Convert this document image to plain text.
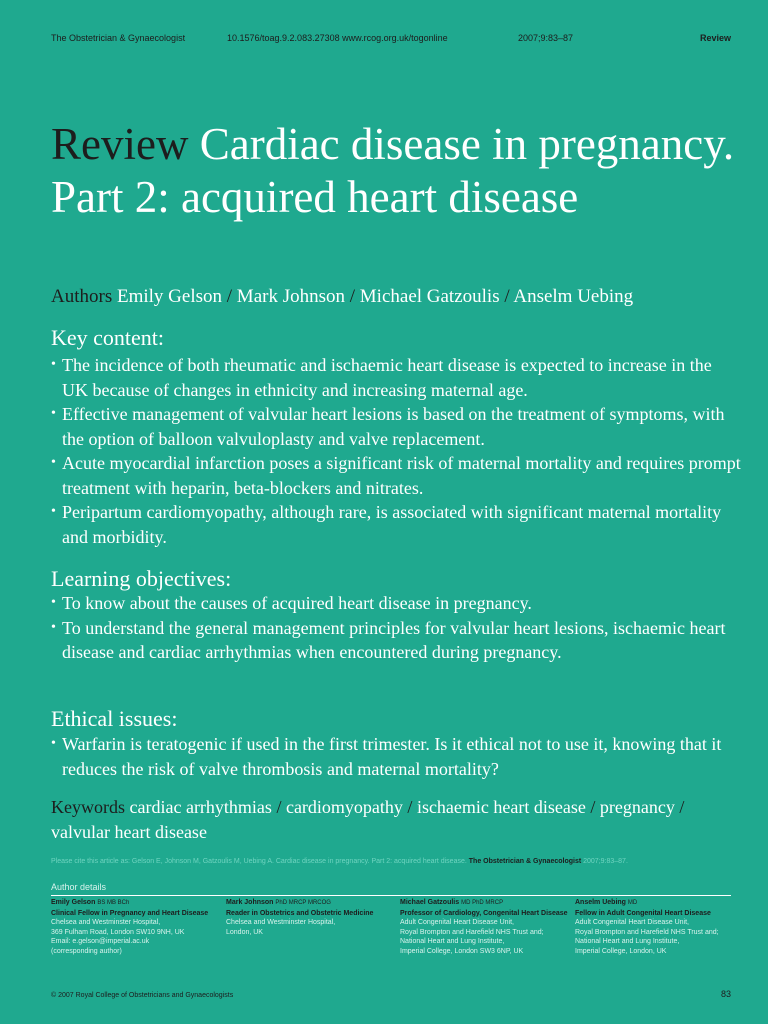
The Obstetrician & Gynaecologist	10.1576/toag.9.2.083.27308 www.rcog.org.uk/togonline	2007;9:83–87	Review
Review Cardiac disease in pregnancy. Part 2: acquired heart disease
Authors Emily Gelson / Mark Johnson / Michael Gatzoulis / Anselm Uebing
Key content:
• The incidence of both rheumatic and ischaemic heart disease is expected to increase in the UK because of changes in ethnicity and increasing maternal age.
• Effective management of valvular heart lesions is based on the treatment of symptoms, with the option of balloon valvuloplasty and valve replacement.
• Acute myocardial infarction poses a significant risk of maternal mortality and requires prompt treatment with heparin, beta-blockers and nitrates.
• Peripartum cardiomyopathy, although rare, is associated with significant maternal mortality and morbidity.
Learning objectives:
• To know about the causes of acquired heart disease in pregnancy.
• To understand the general management principles for valvular heart lesions, ischaemic heart disease and cardiac arrhythmias when encountered during pregnancy.
Ethical issues:
• Warfarin is teratogenic if used in the first trimester. Is it ethical not to use it, knowing that it reduces the risk of valve thrombosis and maternal mortality?
Keywords cardiac arrhythmias / cardiomyopathy / ischaemic heart disease / pregnancy / valvular heart disease
Please cite this article as: Gelson E, Johnson M, Gatzoulis M, Uebing A. Cardiac disease in pregnancy. Part 2: acquired heart disease. The Obstetrician & Gynaecologist 2007;9:83–87.
Author details
Emily Gelson BS MB BCh
Clinical Fellow in Pregnancy and Heart Disease
Chelsea and Westminster Hospital,
369 Fulham Road, London SW10 9NH, UK
Email: e.gelson@imperial.ac.uk
(corresponding author)
Mark Johnson PhD MRCP MRCOG
Reader in Obstetrics and Obstetric Medicine
Chelsea and Westminster Hospital,
London, UK
Michael Gatzoulis MD PhD MRCP
Professor of Cardiology, Congenital Heart Disease
Adult Congenital Heart Disease Unit,
Royal Brompton and Harefield NHS Trust and;
National Heart and Lung Institute,
Imperial College, London SW3 6NP, UK
Anselm Uebing MD
Fellow in Adult Congenital Heart Disease
Adult Congenital Heart Disease Unit,
Royal Brompton and Harefield NHS Trust and;
National Heart and Lung Institute,
Imperial College, London, UK
© 2007 Royal College of Obstetricians and Gynaecologists	83
